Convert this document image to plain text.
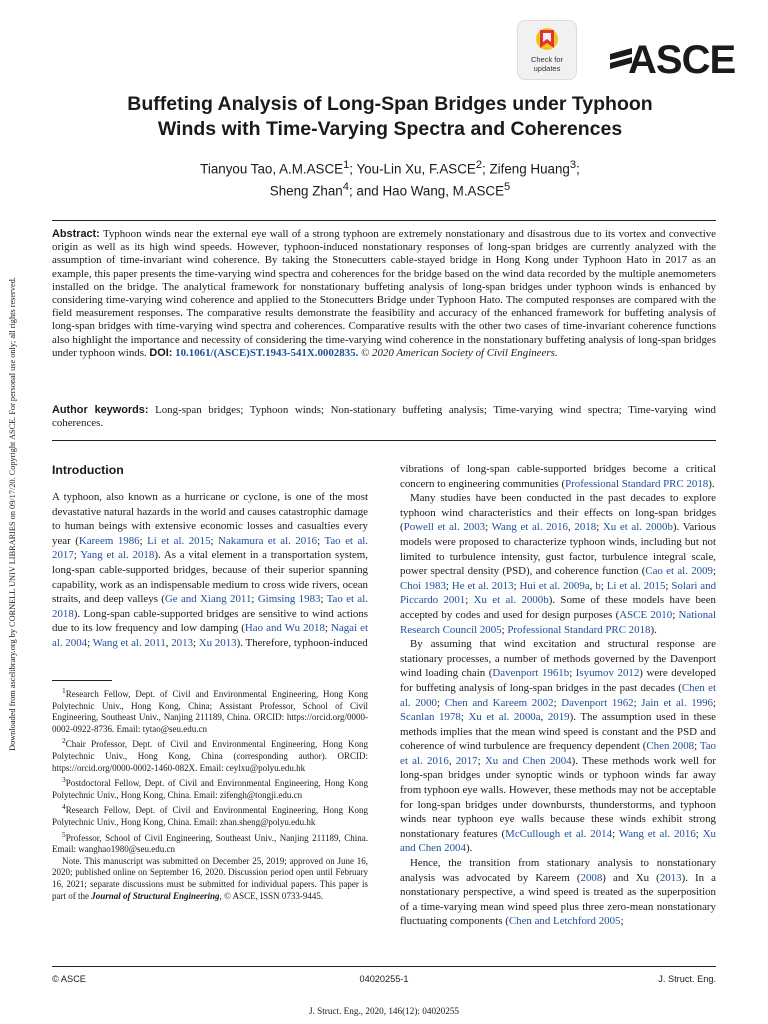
Downloaded from ascelibrary.org by CORNELL UNIV LIBRARIES on 09/17/20. Copyright ASCE. For personal use only; all rights reserved.
Check for updates	ASCE
Buffeting Analysis of Long-Span Bridges under Typhoon
Winds with Time-Varying Spectra and Coherences
Tianyou Tao, A.M.ASCE$^1$; You-Lin Xu, F.ASCE$^2$; Zifeng Huang$^3$;
Sheng Zhan$^4$; and Hao Wang, M.ASCE$^5$
Abstract: Typhoon winds near the external eye wall of a strong typhoon are extremely nonstationary and disastrous due to its vortex and convective origin as well as its high wind speeds. However, typhoon-induced nonstationary responses of long-span bridges are currently analyzed with the assumption of time-invariant wind coherence. By taking the Stonecutters cable-stayed bridge in Hong Kong under Typhoon Hato in 2017 as an example, this paper presents the time-varying wind spectra and coherences for the bridge based on the wind data recorded by the multiple anemometers installed on the bridge. The analytical framework for nonstationary buffeting analysis of long-span bridges under typhoon winds is enhanced by considering time-varying wind coherence and applied to the Stonecutters Bridge under Typhoon Hato. The computed responses are compared with the field measurement responses. The comparative results demonstrate the feasibility and accuracy of the enhanced framework for buffeting analysis of long-span bridges with time-varying wind spectra and coherences. Comparative results with the other two cases of time-invariant coherence functions also highlight the importance and necessity of considering the time-varying wind coherence in the nonstationary buffeting analysis of long-span bridges under typhoon winds. DOI: 10.1061/(ASCE)ST.1943-541X.0002835. © 2020 American Society of Civil Engineers.
Author keywords: Long-span bridges; Typhoon winds; Non-stationary buffeting analysis; Time-varying wind spectra; Time-varying wind coherences.
Introduction

A typhoon, also known as a hurricane or cyclone, is one of the most devastative natural hazards in the world and causes catastrophic damage to human beings with extensive economic losses and casualties every year (Kareem 1986; Li et al. 2015; Nakamura et al. 2016; Tao et al. 2017; Yang et al. 2018). As a vital element in a transportation system, long-span cable-supported bridges, because of their superior spanning capability, work as an indispensable medium to cross wide rivers, ocean straits, and deep valleys (Ge and Xiang 2011; Gimsing 1983; Tao et al. 2018). Long-span cable-supported bridges are sensitive to wind actions due to its low frequency and low damping (Hao and Wu 2018; Nagai et al. 2004; Wang et al. 2011, 2013; Xu 2013). Therefore, typhoon-induced

$^1$Research Fellow, Dept. of Civil and Environmental Engineering, Hong Kong Polytechnic Univ., Hong Kong, China; Assistant Professor, School of Civil Engineering, Southeast Univ., Nanjing 211189, China. ORCID: https://orcid.org/0000-0002-0922-8736. Email: tytao@seu.edu.cn

$^2$Chair Professor, Dept. of Civil and Environmental Engineering, Hong Kong Polytechnic Univ., Hong Kong, China (corresponding author). ORCID: https://orcid.org/0000-0002-1460-082X. Email: ceylxu@polyu.edu.hk

$^3$Postdoctoral Fellow, Dept. of Civil and Environmental Engineering, Hong Kong Polytechnic Univ., Hong Kong, China. Email: zifengh@tongji.edu.cn

$^4$Research Fellow, Dept. of Civil and Environmental Engineering, Hong Kong Polytechnic Univ., Hong Kong, China. Email: zhan.sheng@polyu.edu.hk

$^5$Professor, School of Civil Engineering, Southeast Univ., Nanjing 211189, China. Email: wanghao1980@seu.edu.cn

Note. This manuscript was submitted on December 25, 2019; approved on June 16, 2020; published online on September 16, 2020. Discussion period open until February 16, 2021; separate discussions must be submitted for individual papers. This paper is part of the Journal of Structural Engineering, © ASCE, ISSN 0733-9445.

vibrations of long-span cable-supported bridges become a critical concern to engineering communities (Professional Standard PRC 2018).

Many studies have been conducted in the past decades to explore typhoon wind characteristics and their effects on long-span bridges (Powell et al. 2003; Wang et al. 2016, 2018; Xu et al. 2000b). Various models were proposed to characterize typhoon winds, including but not limited to turbulence intensity, gust factor, turbulence integral scale, power spectral density (PSD), and coherence function (Cao et al. 2009; Choi 1983; He et al. 2013; Hui et al. 2009a, b; Li et al. 2015; Solari and Piccardo 2001; Xu et al. 2000b). Some of these models have been accepted by codes and used for design purposes (ASCE 2010; National Research Council 2005; Professional Standard PRC 2018).

By assuming that wind excitation and structural response are stationary processes, a number of methods governed by the Davenport wind loading chain (Davenport 1961b; Isyumov 2012) were developed for buffeting analysis of long-span bridges in the past decades (Chen et al. 2000; Chen and Kareem 2002; Davenport 1962; Jain et al. 1996; Scanlan 1978; Xu et al. 2000a, 2019). The assumption used in these methods implies that the mean wind speed is constant and the PSD and coherence of wind turbulence are frequency dependent (Chen 2008; Tao et al. 2016, 2017; Xu and Chen 2004). These methods work well for long-span bridges under synoptic winds or typhoon winds far away from typhoon eye walls. However, these methods may not be acceptable for long-span bridges under downbursts, thunderstorms, and typhoon winds near typhoon eye walls because these winds exhibit strong nonstationary features (McCullough et al. 2014; Wang et al. 2016; Xu and Chen 2004).

Hence, the transition from stationary analysis to nonstationary analysis was advocated by Kareem (2008) and Xu (2013). In a nonstationary perspective, a wind speed is treated as the superposition of a time-varying mean wind speed plus three zero-mean nonstationary fluctuating components (Chen and Letchford 2005;

© ASCE	04020255-1	J. Struct. Eng.
J. Struct. Eng., 2020, 146(12): 04020255
